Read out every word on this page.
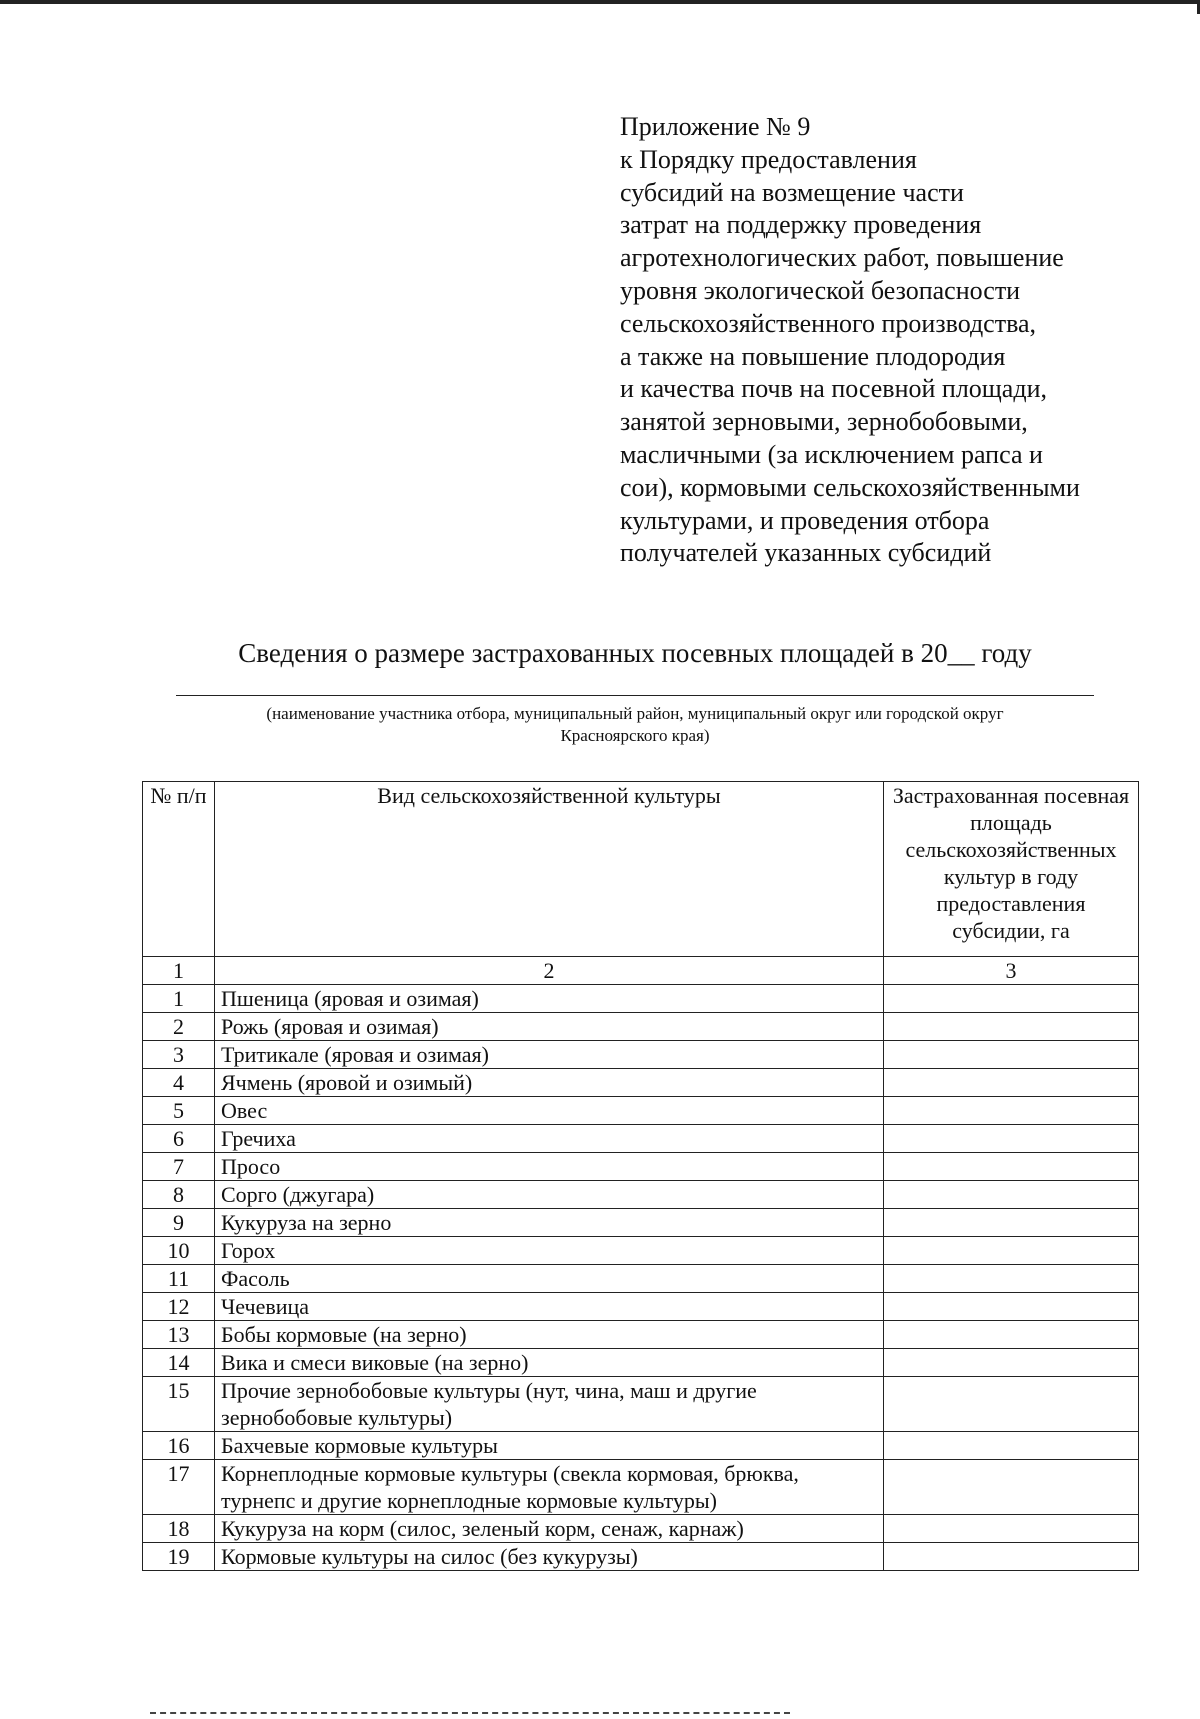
Приложение № 9
к Порядку предоставления
субсидий на возмещение части
затрат на поддержку проведения
агротехнологических работ, повышение
уровня экологической безопасности
сельскохозяйственного производства,
а также на повышение плодородия
и качества почв на посевной площади,
занятой зерновыми, зернобобовыми,
масличными (за исключением рапса и
сои), кормовыми сельскохозяйственными
культурами, и проведения отбора
получателей указанных субсидий
Сведения о размере застрахованных посевных площадей в 20__ году
(наименование участника отбора, муниципальный район, муниципальный округ или городской округ
Красноярского края)
№ п/п	Вид сельскохозяйственной культуры	Застрахованная посевная площадь сельскохозяйственных культур в году предоставления субсидии, га
1	2	3
1	Пшеница (яровая и озимая)	
2	Рожь (яровая и озимая)	
3	Тритикале (яровая и озимая)	
4	Ячмень (яровой и озимый)	
5	Овес	
6	Гречиха	
7	Просо	
8	Сорго (джугара)	
9	Кукуруза на зерно	
10	Горох	
11	Фасоль	
12	Чечевица	
13	Бобы кормовые (на зерно)	
14	Вика и смеси виковые (на зерно)	
15	Прочие зернобобовые культуры (нут, чина, маш и другие зернобобовые культуры)	
16	Бахчевые кормовые культуры	
17	Корнеплодные кормовые культуры (свекла кормовая, брюква, турнепс и другие корнеплодные кормовые культуры)	
18	Кукуруза на корм (силос, зеленый корм, сенаж, карнаж)	
19	Кормовые культуры на силос (без кукурузы)	
